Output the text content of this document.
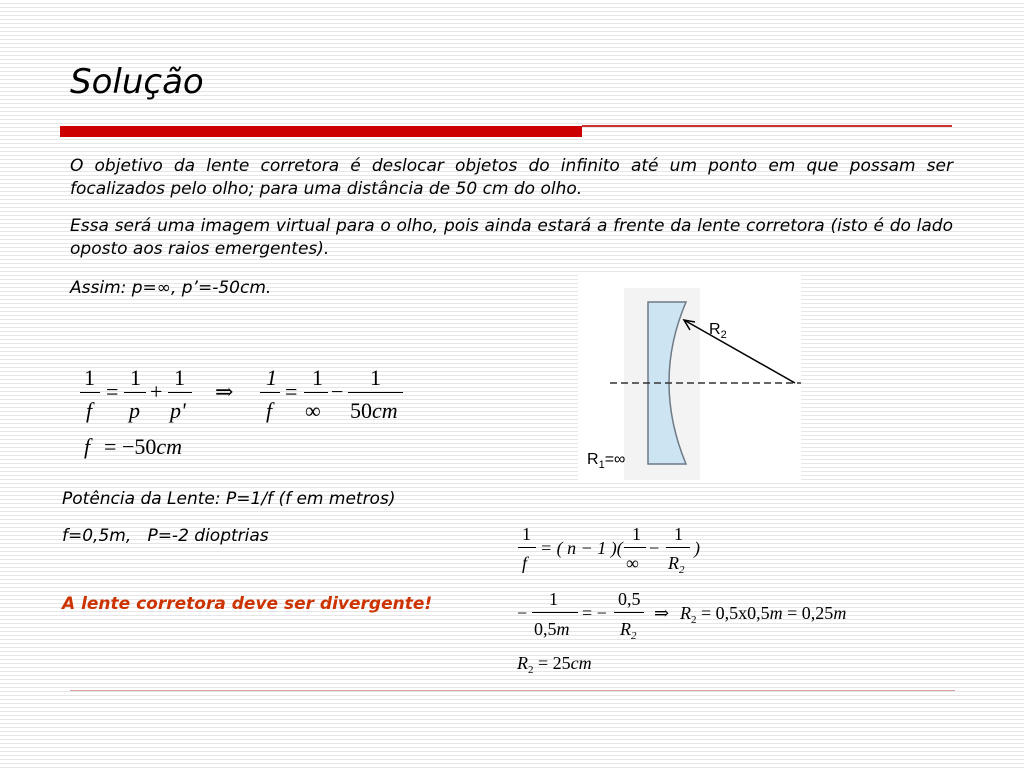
Solução

O objetivo da lente corretora é deslocar objetos do infinito até um ponto em que possam ser focalizados pelo olho; para uma distância de 50 cm do olho.

Essa será uma imagem virtual para o olho, pois ainda estará a frente da lente corretora (isto é do lado oposto aos raios emergentes).

Assim: p=∞, p’=-50cm.

1
f
=
1
p
+
1
p'
⇒
1
f
=
1
∞
−
1
50cm
f = −50cm
$R_2$
$R_1=\infty$

Potência da Lente: P=1/f (f em metros)

f=0,5m,   P=-2 dioptrias	1
f
= ( n − 1 )(
1
∞
−
1
$R_2$
)

A lente corretora deve ser divergente!	−
1
0,5m
= −
0,5
$R_2$
⇒ $R_2 = 0,5x0,5m = 0,25m$
$R_2 = 25cm$
